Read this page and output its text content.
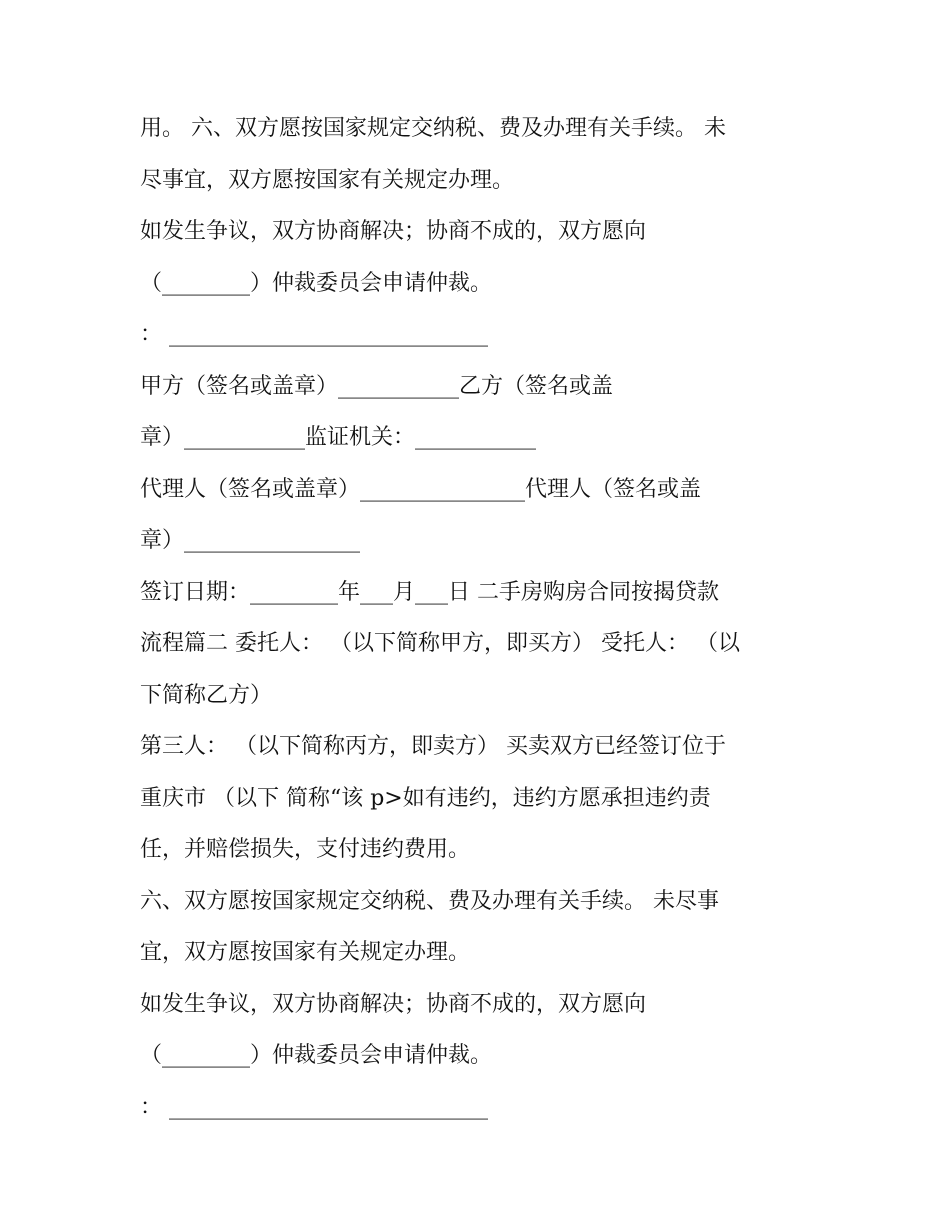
用。 六、双方愿按国家规定交纳税、费及办理有关手续。 未

尽事宜，双方愿按国家有关规定办理。

如发生争议，双方协商解决；协商不成的，双方愿向

（________）仲裁委员会申请仲裁。

： _____________________________

甲方（签名或盖章）___________乙方（签名或盖

章）___________监证机关：___________

代理人（签名或盖章）_______________代理人（签名或盖

章）________________

签订日期：________年___月___日 二手房购房合同按揭贷款

流程篇二 委托人： （以下简称甲方，即买方） 受托人： （以

下简称乙方）

第三人： （以下简称丙方，即卖方） 买卖双方已经签订位于

重庆市 （以下 简称“该 p>如有违约，违约方愿承担违约责

任，并赔偿损失，支付违约费用。

六、双方愿按国家规定交纳税、费及办理有关手续。 未尽事

宜，双方愿按国家有关规定办理。

如发生争议，双方协商解决；协商不成的，双方愿向

（________）仲裁委员会申请仲裁。

： _____________________________
